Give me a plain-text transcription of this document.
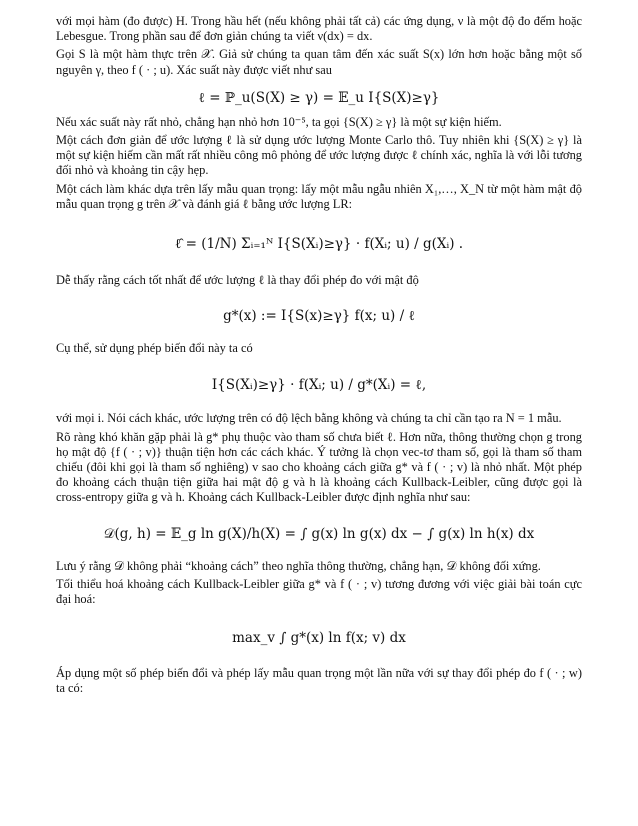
với mọi hàm (đo được) H. Trong hầu hết (nếu không phải tất cả) các ứng dụng, ν là một độ đo đếm hoặc Lebesgue. Trong phần sau để đơn giản chúng ta viết ν(dx) = dx.

Gọi S là một hàm thực trên 𝒳. Giả sử chúng ta quan tâm đến xác suất S(x) lớn hơn hoặc bằng một số nguyên γ, theo f ( · ; u). Xác suất này được viết như sau

ℓ = ℙ_u(S(X) ≥ γ) = 𝔼_u I{S(X)≥γ}

Nếu xác suất này rất nhỏ, chẳng hạn nhỏ hơn 10⁻⁵, ta gọi {S(X) ≥ γ} là một sự kiện hiếm.

Một cách đơn giản để ước lượng ℓ là sử dụng ước lượng Monte Carlo thô. Tuy nhiên khi {S(X) ≥ γ} là một sự kiện hiếm cần mất rất nhiều công mô phỏng để ước lượng được ℓ chính xác, nghĩa là với lỗi tương đối nhỏ và khoảng tin cậy hẹp.

Một cách làm khác dựa trên lấy mẫu quan trọng: lấy một mẫu ngẫu nhiên X₁,…, X_N từ một hàm mật độ mẫu quan trọng g trên 𝒳 và đánh giá ℓ bằng ước lượng LR:

ℓ̂ = (1/N) Σᵢ₌₁ᴺ I{S(Xᵢ)≥γ} · f(Xᵢ; u) / g(Xᵢ) .

Dễ thấy rằng cách tốt nhất để ước lượng ℓ là thay đổi phép đo với mật độ

g*(x) := I{S(x)≥γ} f(x; u) / ℓ

Cụ thể, sử dụng phép biến đổi này ta có

I{S(Xᵢ)≥γ} · f(Xᵢ; u) / g*(Xᵢ) = ℓ,

với mọi i. Nói cách khác, ước lượng trên có độ lệch bằng không và chúng ta chỉ cần tạo ra N = 1 mẫu.

Rõ ràng khó khăn gặp phải là g* phụ thuộc vào tham số chưa biết ℓ. Hơn nữa, thông thường chọn g trong họ mật độ {f ( · ; v)} thuận tiện hơn các cách khác. Ý tưởng là chọn vec-tơ tham số, gọi là tham số tham chiếu (đôi khi gọi là tham số nghiêng) v sao cho khoảng cách giữa g* và f ( · ; v) là nhỏ nhất. Một phép đo khoảng cách thuận tiện giữa hai mật độ g và h là khoảng cách Kullback-Leibler, cũng được gọi là cross-entropy giữa g và h. Khoảng cách Kullback-Leibler được định nghĩa như sau:

𝒟(g, h) = 𝔼_g ln g(X)/h(X) = ∫ g(x) ln g(x) dx − ∫ g(x) ln h(x) dx

Lưu ý rằng 𝒟 không phải “khoảng cách” theo nghĩa thông thường, chẳng hạn, 𝒟 không đối xứng.

Tối thiểu hoá khoảng cách Kullback-Leibler giữa g* và f ( · ; v) tương đương với việc giải bài toán cực đại hoá:

max_v ∫ g*(x) ln f(x; v) dx

Áp dụng một số phép biến đổi và phép lấy mẫu quan trọng một lần nữa với sự thay đổi phép đo f ( · ; w) ta có:
